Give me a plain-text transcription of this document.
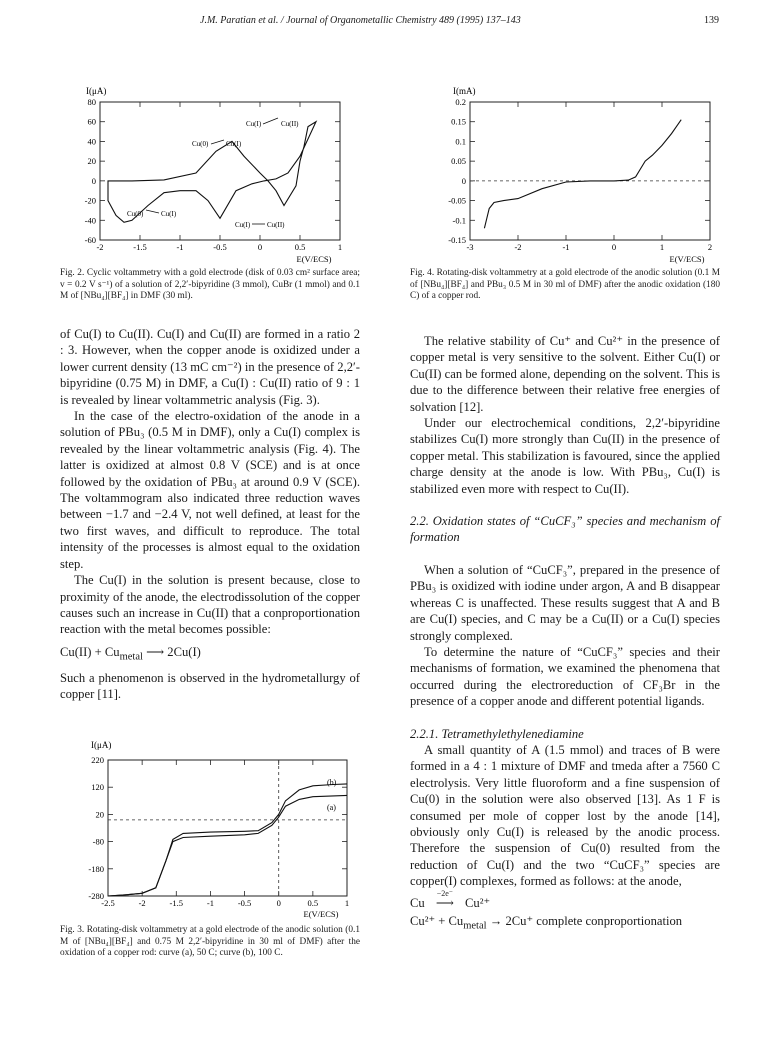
J.M. Paratian et al. / Journal of Organometallic Chemistry 489 (1995) 137–143	139
I(μA)
80
60
40
20
0
-20
-40
-60
-2	-1.5	-1	-0.5	0	0.5	1
E(V/ECS)
Cu(I)	Cu(II)
Cu(0)	Cu(I)
Cu(0)	Cu(I)
Cu(I) Cu(II)
Fig. 2. Cyclic voltammetry with a gold electrode (disk of 0.03 cm² surface area; v = 0.2 V s⁻¹) of a solution of 2,2′-bipyridine (3 mmol), CuBr (1 mmol) and 0.1 M of [NBu₄][BF₄] in DMF (30 ml).
I(mA)
0.2
0.15
0.1
0.05
0
-0.05
-0.1
-0.15
-3	-2	-1	0	1	2
E(V/ECS)
Fig. 4. Rotating-disk voltammetry at a gold electrode of the anodic solution (0.1 M of [NBu₄][BF₄] and PBu₃ 0.5 M in 30 ml of DMF) after the anodic oxidation (180 C) of a copper rod.
I(μA)
220
120
20
-80
-180
-280
-2.5	-2	-1.5	-1	-0.5	0	0.5	1
E(V/ECS)
(b)
(a)
Fig. 3. Rotating-disk voltammetry at a gold electrode of the anodic solution (0.1 M of [NBu₄][BF₄] and 0.75 M 2,2′-bipyridine in 30 ml of DMF) after the oxidation of a copper rod: curve (a), 50 C; curve (b), 100 C.

of Cu(I) to Cu(II). Cu(I) and Cu(II) are formed in a ratio 2 : 3. However, when the copper anode is oxidized under a lower current density (13 mC cm⁻²) in the presence of 2,2′-bipyridine (0.75 M) in DMF, a Cu(I) : Cu(II) ratio of 9 : 1 is revealed by linear voltammetric analysis (Fig. 3).

In the case of the electro-oxidation of the anode in a solution of PBu₃ (0.5 M in DMF), only a Cu(I) complex is revealed by the linear voltammetric analysis (Fig. 4). The latter is oxidized at almost 0.8 V (SCE) and is at once followed by the oxidation of PBu₃ at around 0.9 V (SCE). The voltammogram also indicated three reduction waves between −1.7 and −2.4 V, not well defined, at least for the two first waves, and difficult to reproduce. The total intensity of the processes is almost equal to the oxidation step.

The Cu(I) in the solution is present because, close to proximity of the anode, the electrodissolution of the copper causes such an increase in Cu(II) that a conproportionation reaction with the metal becomes possible:

$Cu(II) + Cu_{metal}$ ⟶ 2Cu(I)

Such a phenomenon is observed in the hydrometallurgy of copper [11].

The relative stability of Cu⁺ and Cu²⁺ in the presence of copper metal is very sensitive to the solvent. Either Cu(I) or Cu(II) can be formed alone, depending on the solvent. This is due to the difference between their relative free energies of solvation [12].

Under our electrochemical conditions, 2,2′-bipyridine stabilizes Cu(I) more strongly than Cu(II) in the presence of copper metal. This stabilization is favoured, since the applied charge density at the anode is low. With PBu₃, Cu(I) is stabilized even more with respect to Cu(II).

2.2. Oxidation states of “CuCF₃” species and mechanism of formation

When a solution of “CuCF₃”, prepared in the presence of PBu₃ is oxidized with iodine under argon, A and B disappear whereas C is unaffected. These results suggest that A and B are Cu(I) species, and C may be a Cu(II) or a Cu(I) species strongly complexed.

To determine the nature of “CuCF₃” species and their mechanisms of formation, we examined the phenomena that occurred during the electroreduction of CF₃Br in the presence of a copper anode and different potential ligands.

2.2.1. Tetramethylethylenediamine

A small quantity of A (1.5 mmol) and traces of B were formed in a 4 : 1 mixture of DMF and tmeda after a 7560 C electrolysis. Very little fluoroform and a fine suspension of Cu(0) in the solution were also observed [13]. As 1 F is consumed per mole of copper lost by the anode [14], obviously only Cu(I) is released by the anodic process. Therefore the suspension of Cu(0) resulted from the reduction of Cu(I) and the two “CuCF₃” species are copper(I) complexes, formed as follows: at the anode,

Cu
−2e⁻
⟶ Cu²⁺

$Cu^{2+} + Cu_{metal} \to 2Cu^+$ complete conproportionation
